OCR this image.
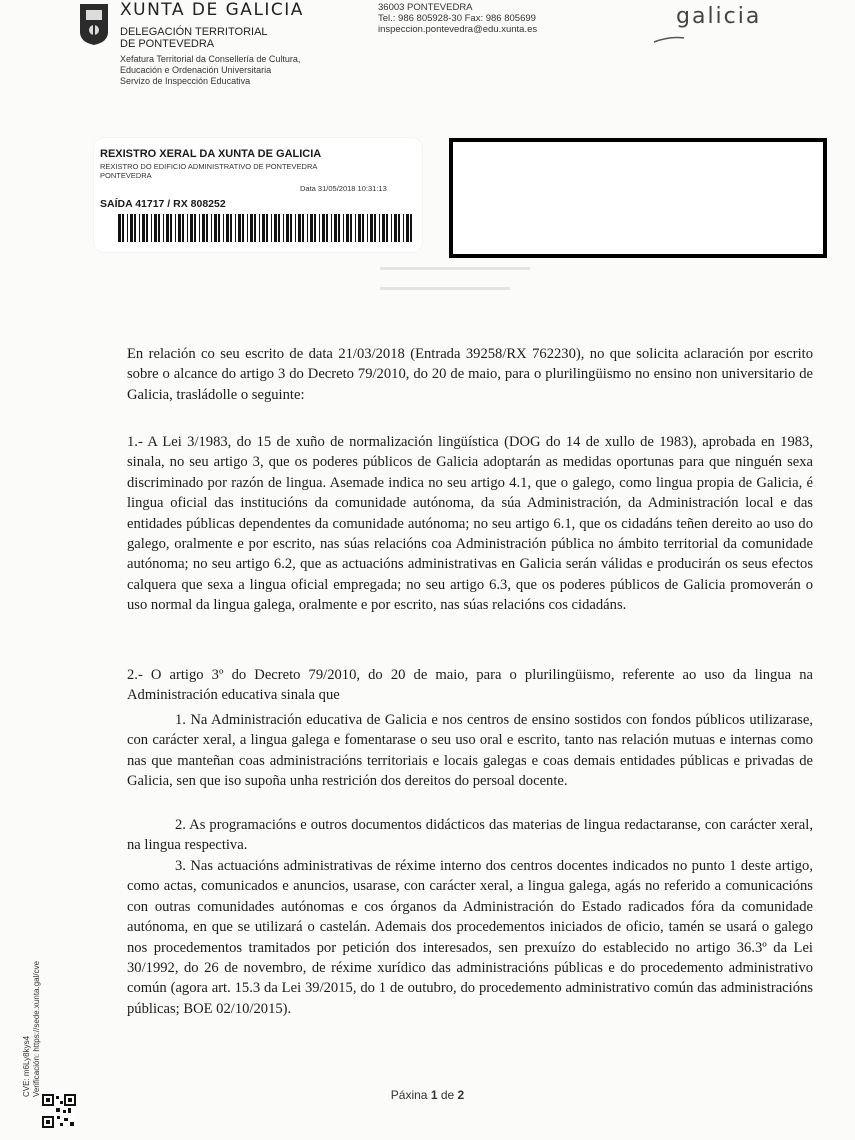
XUNTA DE GALICIA
DELEGACIÓN TERRITORIAL
DE PONTEVEDRA
Xefatura Territorial da Consellería de Cultura,
Educación e Ordenación Universitaria
Servizo de Inspección Educativa
36003 PONTEVEDRA
Tel.: 986 805928-30 Fax: 986 805699
inspeccion.pontevedra@edu.xunta.es
galicia
REXISTRO XERAL DA XUNTA DE GALICIA
REXISTRO DO EDIFICIO ADMINISTRATIVO DE PONTEVEDRA
PONTEVEDRA
Data 31/05/2018 10:31:13
SAÍDA 41717 / RX 808252
▬▬▬▬▬▬▬▬▬▬▬▬▬▬▬
▬▬▬▬▬▬▬▬▬▬▬▬▬
En relación co seu escrito de data 21/03/2018 (Entrada 39258/RX 762230), no que solicita aclaración por escrito sobre o alcance do artigo 3 do Decreto 79/2010, do 20 de maio, para o plurilingüismo no ensino non universitario de Galicia, trasládolle o seguinte:
1.- A Lei 3/1983, do 15 de xuño de normalización lingüística (DOG do 14 de xullo de 1983), aprobada en 1983, sinala, no seu artigo 3, que os poderes públicos de Galicia adoptarán as medidas oportunas para que ninguén sexa discriminado por razón de lingua. Asemade indica no seu artigo 4.1, que o galego, como lingua propia de Galicia, é lingua oficial das institucións da comunidade autónoma, da súa Administración, da Administración local e das entidades públicas dependentes da comunidade autónoma; no seu artigo 6.1, que os cidadáns teñen dereito ao uso do galego, oralmente e por escrito, nas súas relacións coa Administración pública no ámbito territorial da comunidade autónoma; no seu artigo 6.2, que as actuacións administrativas en Galicia serán válidas e producirán os seus efectos calquera que sexa a lingua oficial empregada; no seu artigo 6.3, que os poderes públicos de Galicia promoverán o uso normal da lingua galega, oralmente e por escrito, nas súas relacións cos cidadáns.
2.- O artigo 3º do Decreto 79/2010, do 20 de maio, para o plurilingüismo, referente ao uso da lingua na Administración educativa sinala que
1. Na Administración educativa de Galicia e nos centros de ensino sostidos con fondos públicos utilizarase, con carácter xeral, a lingua galega e fomentarase o seu uso oral e escrito, tanto nas relación mutuas e internas como nas que manteñan coas administracións territoriais e locais galegas e coas demais entidades públicas e privadas de Galicia, sen que iso supoña unha restrición dos dereitos do persoal docente.
2. As programacións e outros documentos didácticos das materias de lingua redactaranse, con carácter xeral, na lingua respectiva.
3. Nas actuacións administrativas de réxime interno dos centros docentes indicados no punto 1 deste artigo, como actas, comunicados e anuncios, usarase, con carácter xeral, a lingua galega, agás no referido a comunicacións con outras comunidades autónomas e cos órganos da Administración do Estado radicados fóra da comunidade autónoma, en que se utilizará o castelán. Ademais dos procedementos iniciados de oficio, tamén se usará o galego nos procedementos tramitados por petición dos interesados, sen prexuízo do establecido no artigo 36.3º da Lei 30/1992, do 26 de novembro, de réxime xurídico das administracións públicas e do procedemento administrativo común (agora art. 15.3 da Lei 39/2015, do 1 de outubro, do procedemento administrativo común das administracións públicas; BOE 02/10/2015).
Páxina 1 de 2
CVE: m6Ly8kys4 Verificación: https://sede.xunta.gal/cve
